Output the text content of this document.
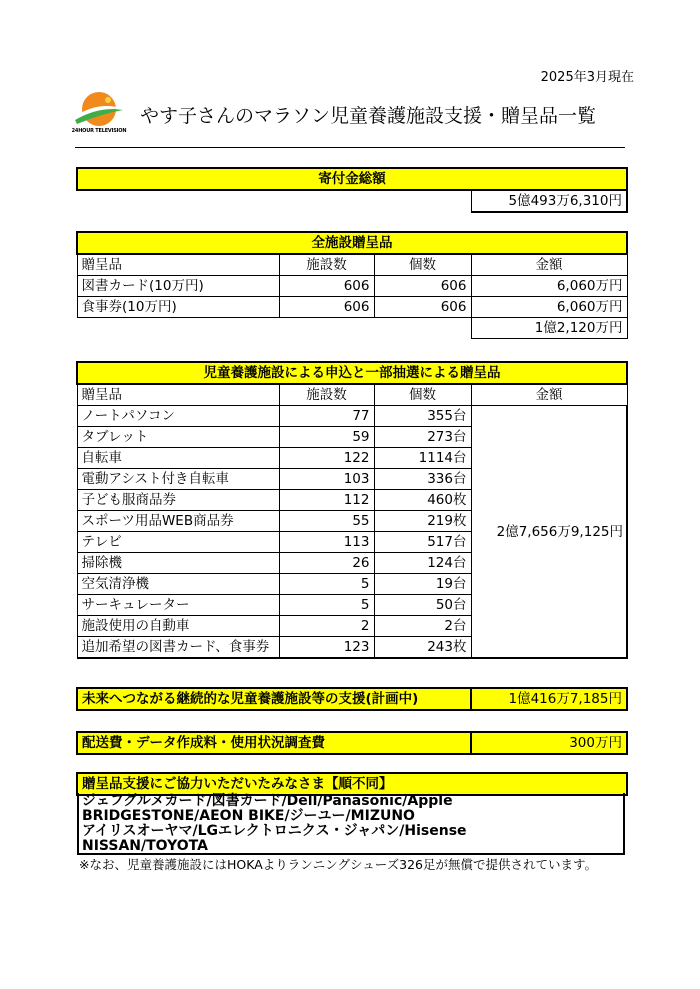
2025年3月現在
24HOUR TELEVISION
やす子さんのマラソン児童養護施設支援・贈呈品一覧
寄付金総額
	5億493万6,310円
全施設贈呈品			
贈呈品	施設数	個数	金額
図書カード(10万円)	606	606	6,060万円
食事券(10万円)	606	606	6,060万円
			1億2,120万円
児童養護施設による申込と一部抽選による贈呈品			
贈呈品	施設数	個数	金額
ノートパソコン	77	355台	2億7,656万9,125円
タブレット	59	273台	
自転車	122	1114台	
電動アシスト付き自転車	103	336台	
子ども服商品券	112	460枚	
スポーツ用品WEB商品券	55	219枚	
テレビ	113	517台	
掃除機	26	124台	
空気清浄機	5	19台	
サーキュレーター	5	50台	
施設使用の自動車	2	2台	
追加希望の図書カード、食事券	123	243枚	
未来へつながる継続的な児童養護施設等の支援(計画中)	1億416万7,185円
配送費・データ作成料・使用状況調査費	300万円
贈呈品支援にご協力いただいたみなさま【順不同】
ジェフグルメカード/図書カード/Dell/Panasonic/Apple
BRIDGESTONE/AEON BIKE/ジーユー/MIZUNO
アイリスオーヤマ/LGエレクトロニクス・ジャパン/Hisense
NISSAN/TOYOTA
※なお、児童養護施設にはHOKAよりランニングシューズ326足が無償で提供されています。
